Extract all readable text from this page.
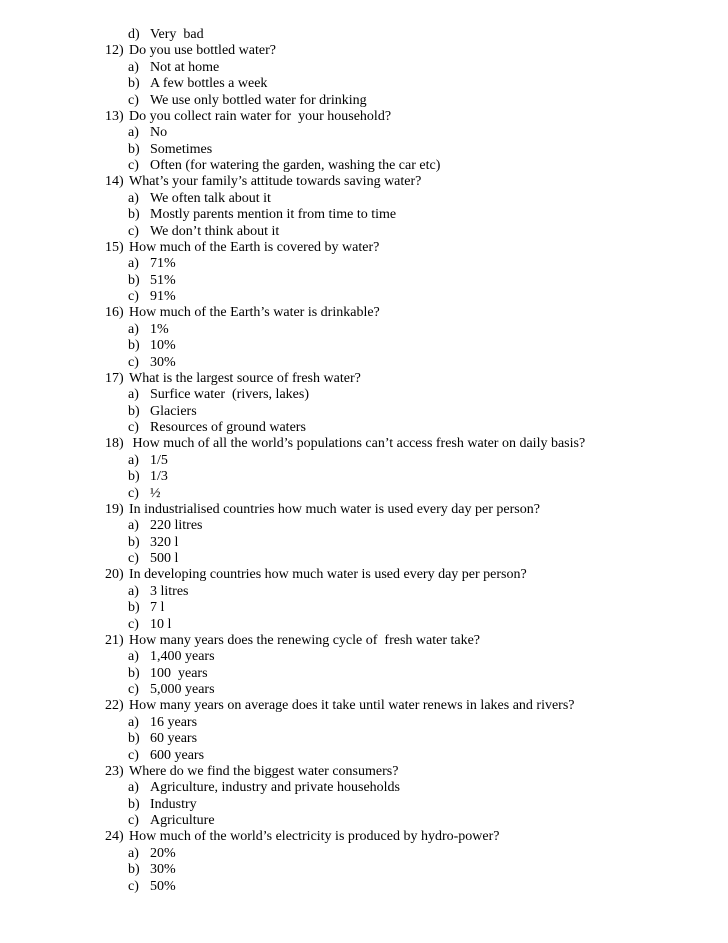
d) Very  bad
12) Do you use bottled water?
a) Not at home
b) A few bottles a week
c) We use only bottled water for drinking
13) Do you collect rain water for  your household?
a) No
b) Sometimes
c) Often (for watering the garden, washing the car etc)
14) What’s your family’s attitude towards saving water?
a) We often talk about it
b) Mostly parents mention it from time to time
c) We don’t think about it
15) How much of the Earth is covered by water?
a) 71%
b) 51%
c) 91%
16) How much of the Earth’s water is drinkable?
a) 1%
b) 10%
c) 30%
17) What is the largest source of fresh water?
a) Surfice water  (rivers, lakes)
b) Glaciers
c) Resources of ground waters
18) How much of all the world’s populations can’t access fresh water on daily basis?
a) 1/5
b) 1/3
c) ½
19) In industrialised countries how much water is used every day per person?
a) 220 litres
b) 320 l
c) 500 l
20) In developing countries how much water is used every day per person?
a) 3 litres
b) 7 l
c) 10 l
21) How many years does the renewing cycle of  fresh water take?
a) 1,400 years
b) 100  years
c) 5,000 years
22) How many years on average does it take until water renews in lakes and rivers?
a) 16 years
b) 60 years
c) 600 years
23) Where do we find the biggest water consumers?
a) Agriculture, industry and private households
b) Industry
c) Agriculture
24) How much of the world’s electricity is produced by hydro-power?
a) 20%
b) 30%
c) 50%
